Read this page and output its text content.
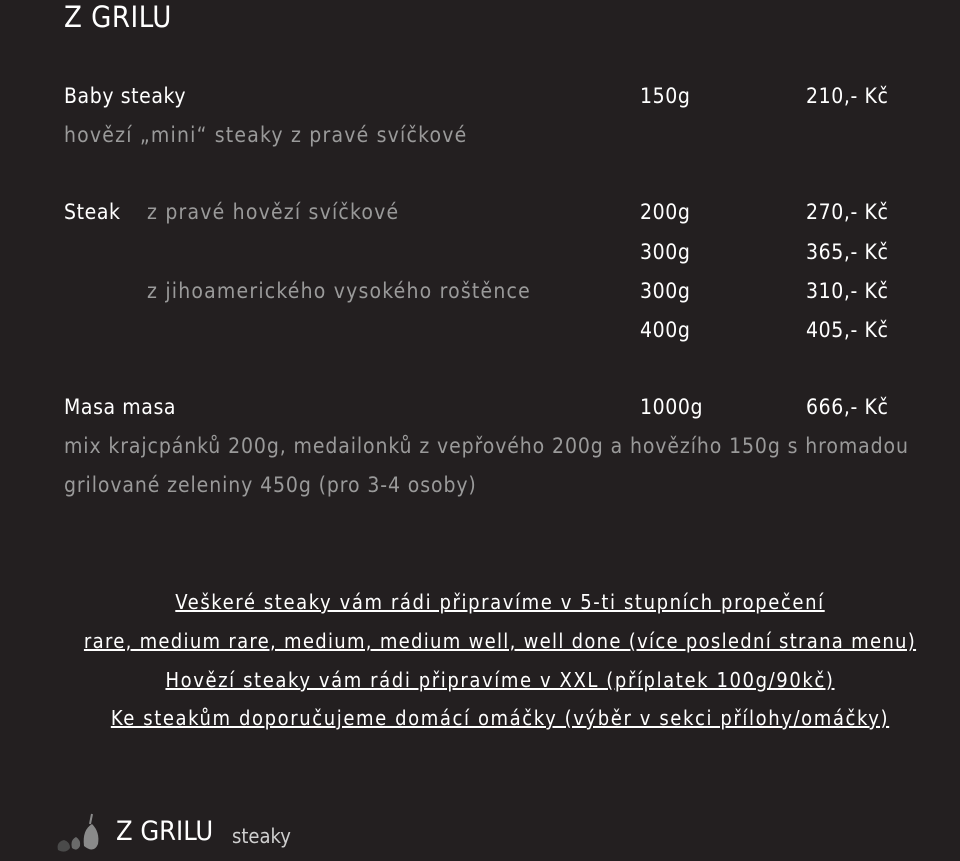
Z GRILU
Baby steaky	150g	210,- Kč
hovězí „mini“ steaky z pravé svíčkové
Steak z pravé hovězí svíčkové	200g	270,- Kč
300g	365,- Kč
z jihoamerického vysokého roštěnce	300g	310,- Kč
400g	405,- Kč
Masa masa	1000g	666,- Kč
mix krajcpánků 200g, medailonků z vepřového 200g a hovězího 150g s hromadou
grilované zeleniny 450g (pro 3-4 osoby)
Veškeré steaky vám rádi připravíme v 5-ti stupních propečení
rare, medium rare, medium, medium well, well done (více poslední strana menu)
Hovězí steaky vám rádi připravíme v XXL (příplatek 100g/90kč)
Ke steakům doporučujeme domácí omáčky (výběr v sekci přílohy/omáčky)
Z GRILU steaky
